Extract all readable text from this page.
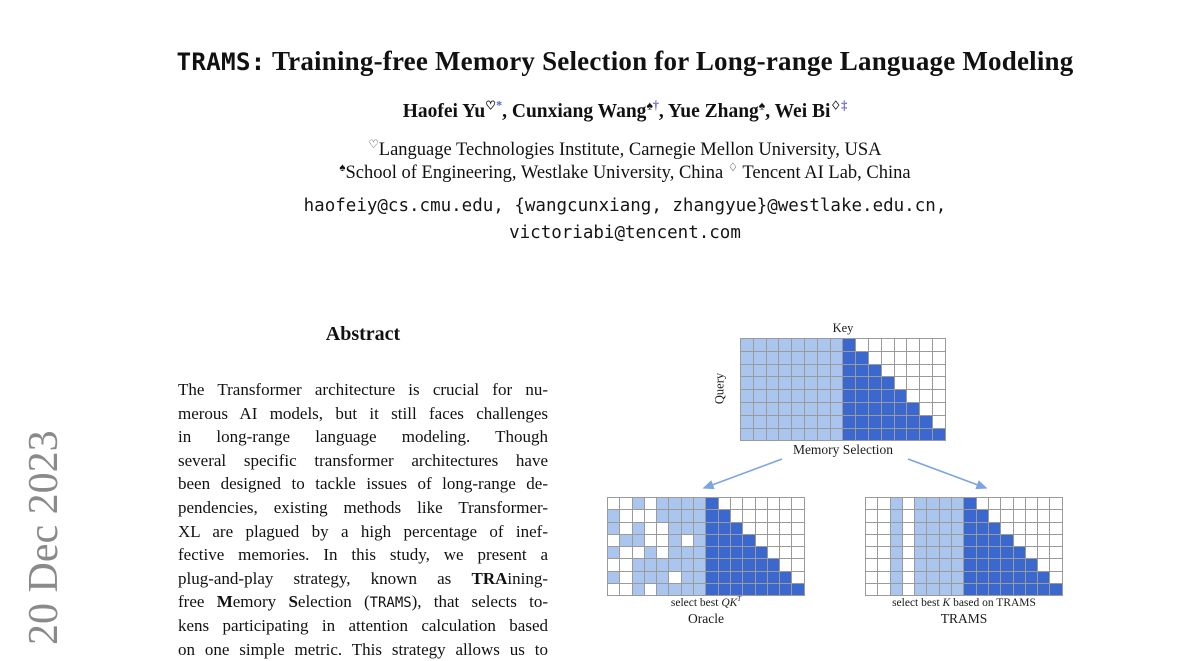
TRAMS: Training-free Memory Selection for Long-range Language Modeling
Haofei Yu♡*, Cunxiang Wang♠†, Yue Zhang♠, Wei Bi♢‡
♡Language Technologies Institute, Carnegie Mellon University, USA
♠School of Engineering, Westlake University, China ♢ Tencent AI Lab, China
haofeiy@cs.cmu.edu, {wangcunxiang, zhangyue}@westlake.edu.cn,
victoriabi@tencent.com
20 Dec 2023
Abstract
The Transformer architecture is crucial for nu-
merous AI models, but it still faces challenges
in long-range language modeling. Though
several specific transformer architectures have
been designed to tackle issues of long-range de-
pendencies, existing methods like Transformer-
XL are plagued by a high percentage of inef-
fective memories. In this study, we present a
plug-and-play strategy, known as TRAining-
free Memory Selection (TRAMS), that selects to-
kens participating in attention calculation based
on one simple metric. This strategy allows us to
Key
Query
Memory Selection
select best $QK^T$
Oracle
select best K based on TRAMS
TRAMS
